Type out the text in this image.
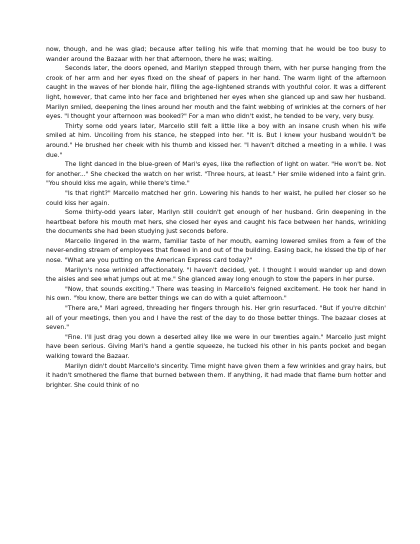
now, though, and he was glad; because after telling his wife that morning that he would be too busy to wander around the Bazaar with her that afternoon, there he was; waiting.

Seconds later, the doors opened, and Marilyn stepped through them, with her purse hanging from the crook of her arm and her eyes fixed on the sheaf of papers in her hand. The warm light of the afternoon caught in the waves of her blonde hair, filling the age-lightened strands with youthful color. It was a different light, however, that came into her face and brightened her eyes when she glanced up and saw her husband. Marilyn smiled, deepening the lines around her mouth and the faint webbing of wrinkles at the corners of her eyes. "I thought your afternoon was booked?" For a man who didn't exist, he tended to be very, very busy.

Thirty some odd years later, Marcello still felt a little like a boy with an insane crush when his wife smiled at him. Uncoiling from his stance, he stepped into her. "It is. But I knew your husband wouldn't be around." He brushed her cheek with his thumb and kissed her. "I haven't ditched a meeting in a while. I was due."

The light danced in the blue-green of Mari's eyes, like the reflection of light on water. "He won't be. Not for another..." She checked the watch on her wrist. "Three hours, at least." Her smile widened into a faint grin. "You should kiss me again, while there's time."

"Is that right?" Marcello matched her grin. Lowering his hands to her waist, he pulled her closer so he could kiss her again.

Some thirty-odd years later, Marilyn still couldn't get enough of her husband. Grin deepening in the heartbeat before his mouth met hers, she closed her eyes and caught his face between her hands, wrinkling the documents she had been studying just seconds before.

Marcello lingered in the warm, familiar taste of her mouth, earning lowered smiles from a few of the never-ending stream of employees that flowed in and out of the building. Easing back, he kissed the tip of her nose. "What are you putting on the American Express card today?"

Marilyn's nose wrinkled affectionately. "I haven't decided, yet. I thought I would wander up and down the aisles and see what jumps out at me." She glanced away long enough to stow the papers in her purse.

"Now, that sounds exciting." There was teasing in Marcello's feigned excitement. He took her hand in his own. "You know, there are better things we can do with a quiet afternoon."

"There are," Mari agreed, threading her fingers through his. Her grin resurfaced. "But if you're ditchin' all of your meetings, then you and I have the rest of the day to do those better things. The bazaar closes at seven."

"Fine. I'll just drag you down a deserted alley like we were in our twenties again." Marcello just might have been serious. Giving Mari's hand a gentle squeeze, he tucked his other in his pants pocket and began walking toward the Bazaar.

Marilyn didn't doubt Marcello's sincerity. Time might have given them a few wrinkles and gray hairs, but it hadn't smothered the flame that burned between them. If anything, it had made that flame burn hotter and brighter. She could think of no
